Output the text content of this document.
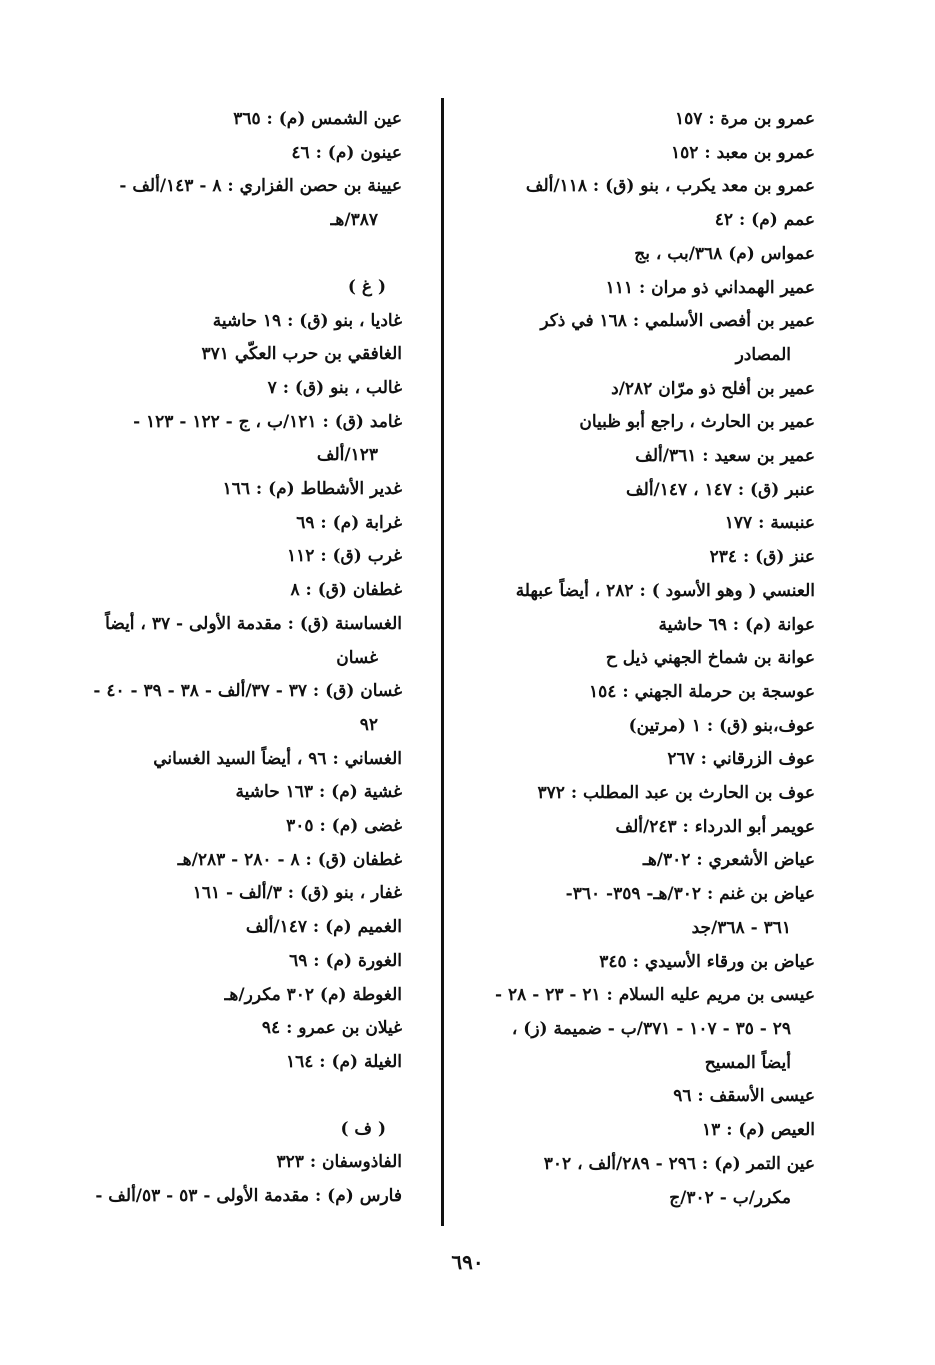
عمرو بن مرة : ١٥٧
عمرو بن معبد : ١٥٢
عمرو بن معد يكرب ، بنو (ق) : ١١٨/ألف
عمم (م) : ٤٢
عمواس (م) ٣٦٨/بب ، بج
عمير الهمداني ذو مران : ١١١
عمير بن أفصى الأسلمي : ١٦٨ في ذكر
المصادر
عمير بن أفلح ذو مرّان ٢٨٢/د
عمير بن الحارث ، راجع أبو ظبيان
عمير بن سعيد : ٣٦١/ألف
عنبر (ق) : ١٤٧ ، ١٤٧/ألف
عنبسة : ١٧٧
عنز (ق) : ٢٣٤
العنسي ( وهو الأسود ) : ٢٨٢ ، أيضاً عبهلة
عوانة (م) : ٦٩ حاشية
عوانة بن شماخ الجهني ذيل ح
عوسجة بن حرملة الجهني : ١٥٤
عوف،بنو (ق) : ١ (مرتين)
عوف الزرقاني : ٢٦٧
عوف بن الحارث بن عبد المطلب : ٣٧٢
عويمر أبو الدرداء : ٢٤٣/ألف
عياض الأشعري : ٣٠٢/هـ
عياض بن غنم : ٣٠٢/هـ- ٣٥٩- ٣٦٠-
٣٦١ - ٣٦٨/جد
عياض بن ورقاء الأسيدي : ٣٤٥
عيسى بن مريم عليه السلام : ٢١ - ٢٣ - ٢٨ -
٢٩ - ٣٥ - ١٠٧ - ٣٧١/ب - ضميمة (ز) ،
أيضاً المسيح
عيسى الأسقف : ٩٦
العيص (م) : ١٣
عين التمر (م) : ٢٩٦ - ٢٨٩/ألف ، ٣٠٢
مكرر/ب - ٣٠٢/ج
عين الشمس (م) : ٣٦٥
عينون (م) : ٤٦
عيينة بن حصن الفزاري : ٨ - ١٤٣/ألف -
٣٨٧/هـ
( غ )
غاديا ، بنو (ق) : ١٩ حاشية
الغافقي بن حرب العكّي ٣٧١
غالب ، بنو (ق) : ٧
غامد (ق) : ١٢١/ب ، ج - ١٢٢ - ١٢٣ -
١٢٣/ألف
غدير الأشطاط (م) : ١٦٦
غرابة (م) : ٦٩
غرب (ق) : ١١٢
غطفان (ق) : ٨
الغساسنة (ق) : مقدمة الأولى - ٣٧ ، أيضاً
غسان
غسان (ق) : ٣٧ - ٣٧/ألف - ٣٨ - ٣٩ - ٤٠ -
٩٢
الغساني : ٩٦ ، أيضاً السيد الغساني
غشية (م) : ١٦٣ حاشية
غضى (م) : ٣٠٥
غطفان (ق) : ٨ - ٢٨٠ - ٢٨٣/هـ
غفار ، بنو (ق) : ٣/ألف - ١٦١
الغميم (م) : ١٤٧/ألف
الغورة (م) : ٦٩
الغوطة (م) ٣٠٢ مكرر/هـ
غيلان بن عمرو : ٩٤
الغيلة (م) : ١٦٤
( ف )
الفاذوسفان : ٣٢٣
فارس (م) : مقدمة الأولى - ٥٣ - ٥٣/ألف -
٦٩٠
